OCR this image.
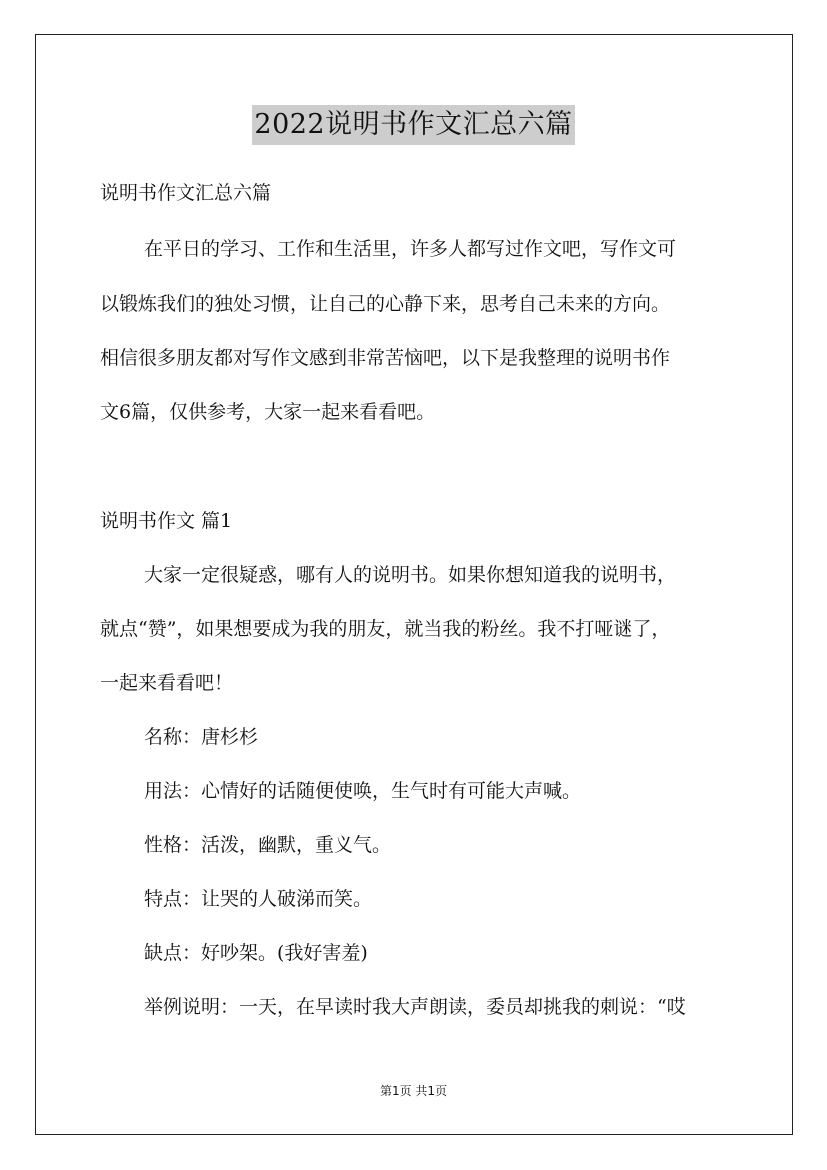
2022说明书作文汇总六篇

说明书作文汇总六篇

在平日的学习、工作和生活里，许多人都写过作文吧，写作文可

以锻炼我们的独处习惯，让自己的心静下来，思考自己未来的方向。

相信很多朋友都对写作文感到非常苦恼吧，以下是我整理的说明书作

文6篇，仅供参考，大家一起来看看吧。

说明书作文 篇1

大家一定很疑惑，哪有人的说明书。如果你想知道我的说明书，

就点“赞”，如果想要成为我的朋友，就当我的粉丝。我不打哑谜了，

一起来看看吧！

名称：唐杉杉

用法：心情好的话随便使唤，生气时有可能大声喊。

性格：活泼，幽默，重义气。

特点：让哭的人破涕而笑。

缺点：好吵架。(我好害羞)

举例说明：一天，在早读时我大声朗读，委员却挑我的刺说：“哎

第1页 共1页
